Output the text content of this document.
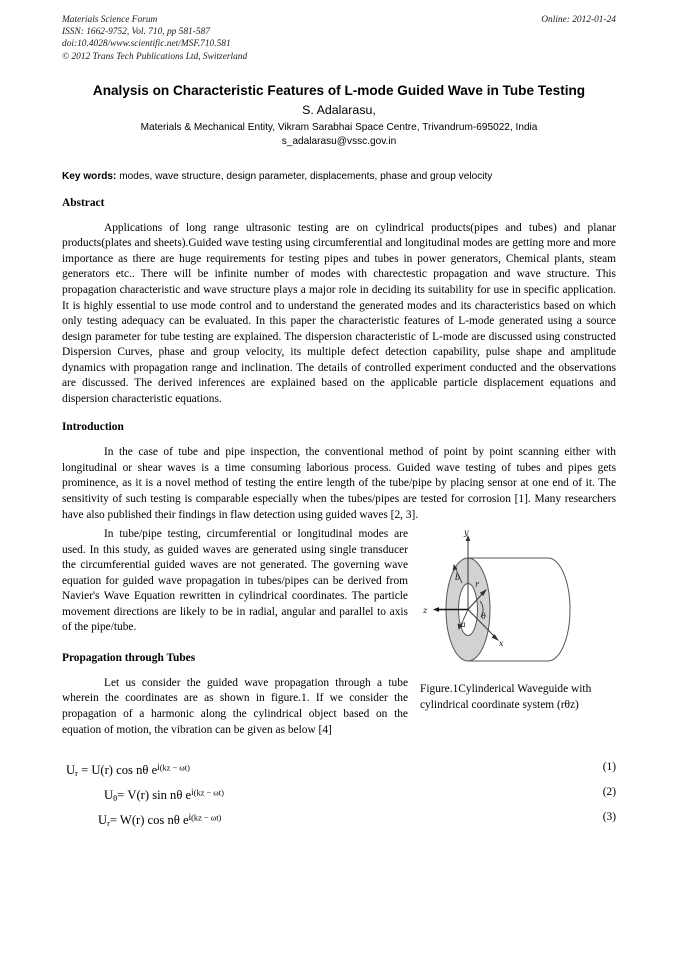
Materials Science Forum
ISSN: 1662-9752, Vol. 710, pp 581-587
doi:10.4028/www.scientific.net/MSF.710.581
© 2012 Trans Tech Publications Ltd, Switzerland
Online: 2012-01-24
Analysis on Characteristic Features of L-mode Guided Wave in Tube Testing
S. Adalarasu,
Materials & Mechanical Entity, Vikram Sarabhai Space Centre, Trivandrum-695022, India
s_adalarasu@vssc.gov.in
Key words: modes, wave structure, design parameter, displacements, phase and group velocity
Abstract
Applications of long range ultrasonic testing are on cylindrical products(pipes and tubes) and planar products(plates and sheets).Guided wave testing using circumferential and longitudinal modes are getting more and more importance as there are huge requirements for testing pipes and tubes in power generators, Chemical plants, steam generators etc.. There will be infinite number of modes with charectestic propagation and wave structure. This propagation characteristic and wave structure plays a major role in deciding its suitability for use in specific application. It is highly essential to use mode control and to understand the generated modes and its characteristics based on which only testing adequacy can be evaluated. In this paper the characteristic features of L-mode generated using a source design parameter for tube testing are explained. The dispersion characteristic of L-mode are discussed using constructed Dispersion Curves, phase and group velocity, its multiple defect detection capability, pulse shape and amplitude dynamics with propagation range and inclination. The details of controlled experiment conducted and the observations are discussed. The derived inferences are explained based on the applicable particle displacement equations and dispersion characteristic equations.
Introduction
In the case of tube and pipe inspection, the conventional method of point by point scanning either with longitudinal or shear waves is a time consuming laborious process. Guided wave testing of tubes and pipes gets prominence, as it is a novel method of testing the entire length of the tube/pipe by placing sensor at one end of it. The sensitivity of such testing is comparable especially when the tubes/pipes are tested for corrosion [1]. Many researchers have also published their findings in flaw detection using guided waves [2, 3].
y
z
x
r
θ
a
b
Figure.1Cylinderical Waveguide with cylindrical coordinate system (rθz)
In tube/pipe testing, circumferential or longitudinal modes are used. In this study, as guided waves are generated using single transducer the circumferential guided waves are not generated. The governing wave equation for guided wave propagation in tubes/pipes can be derived from Navier's Wave Equation rewritten in cylindrical coordinates. The particle movement directions are likely to be in radial, angular and parallel to axis of the pipe/tube.
Propagation through Tubes
Let us consider the guided wave propagation through a tube wherein the coordinates are as shown in figure.1. If we consider the propagation of a harmonic along the cylindrical object based on the equation of motion, the vibration can be given as below [4]
Ur = U(r) cos nθ $e^{i(kz - \omega t)}$	(1)
Uθ= V(r) sin nθ $e^{i(kz - \omega t)}$	(2)
Ur= W(r) cos nθ $e^{i(kz - \omega t)}$	(3)
